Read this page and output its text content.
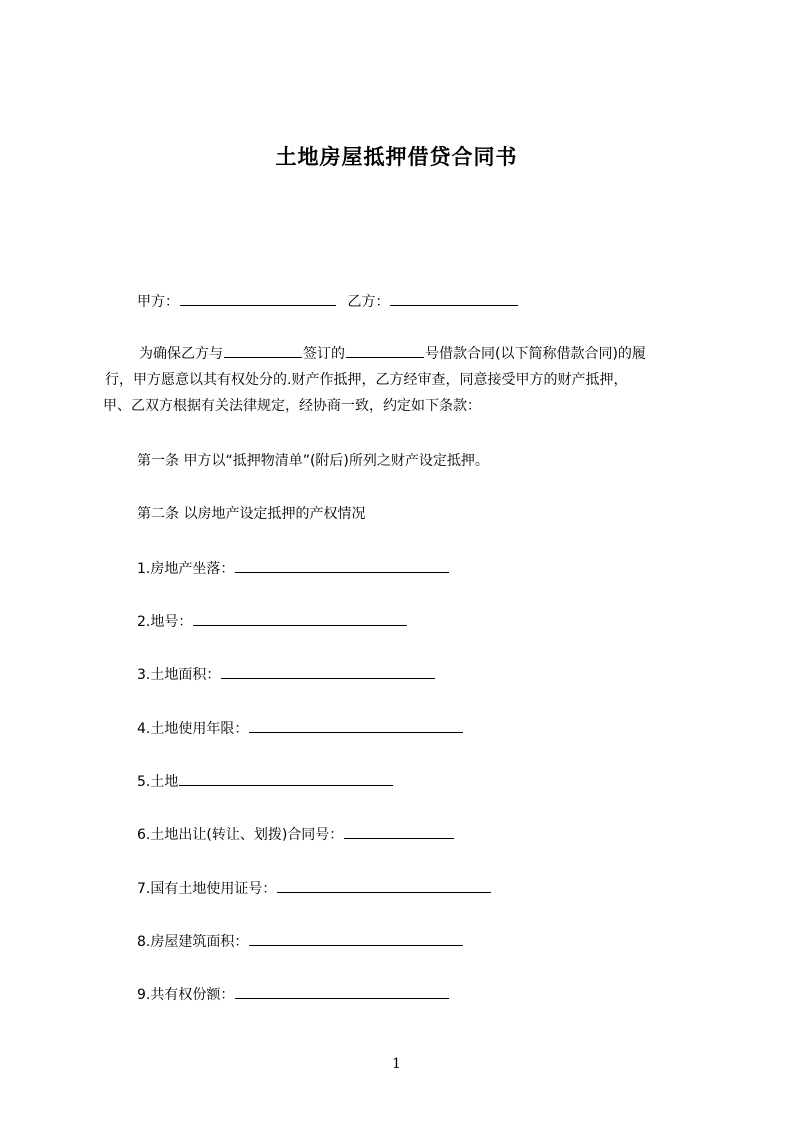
土地房屋抵押借贷合同书
甲方：	乙方：
为确保乙方与	签订的	号借款合同(以下简称借款合同)的履
行，甲方愿意以其有权处分的.财产作抵押，乙方经审查，同意接受甲方的财产抵押，
甲、乙双方根据有关法律规定，经协商一致，约定如下条款：
第一条 甲方以“抵押物清单”(附后)所列之财产设定抵押。
第二条 以房地产设定抵押的产权情况
1.房地产坐落：
2.地号：
3.土地面积：
4.土地使用年限：
5.土地
6.土地出让(转让、划拨)合同号：
7.国有土地使用证号：
8.房屋建筑面积：
9.共有权份额：
1
